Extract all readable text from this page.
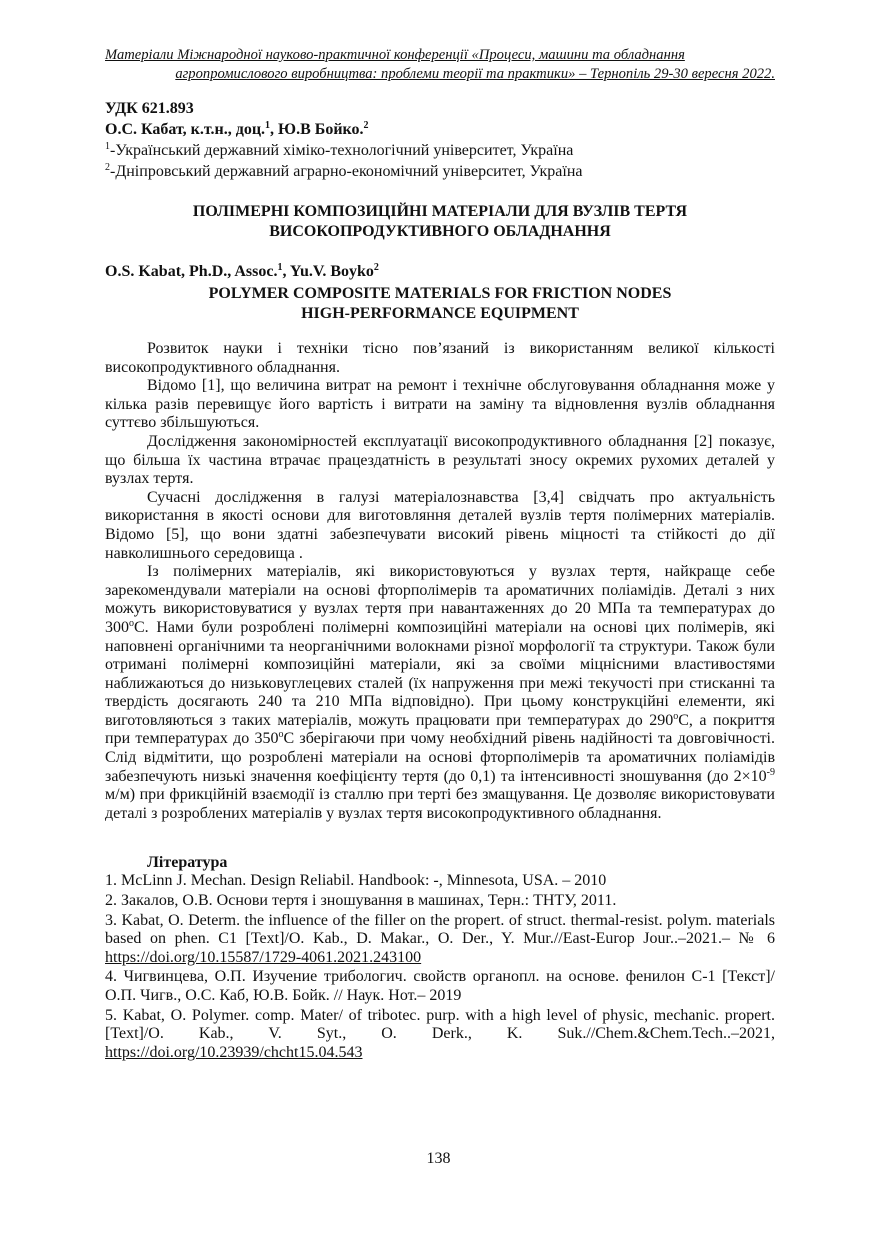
Матеріали Міжнародної науково-практичної конференції «Процеси, машини та обладнання
агропромислового виробництва: проблеми теорії та практики» – Тернопіль 29-30 вересня 2022.
УДК 621.893
О.С. Кабат, к.т.н., доц.$^1$, Ю.В Бойко.$^2$
$^1$-Український державний хіміко-технологічний університет, Україна
$^2$-Дніпровський державний аграрно-економічний університет, Україна
ПОЛІМЕРНІ КОМПОЗИЦІЙНІ МАТЕРІАЛИ ДЛЯ ВУЗЛІВ ТЕРТЯ
ВИСОКОПРОДУКТИВНОГО ОБЛАДНАННЯ
O.S. Kabat, Ph.D., Assoc.$^1$, Yu.V. Boyko$^2$
POLYMER COMPOSITE MATERIALS FOR FRICTION NODES
HIGH-PERFORMANCE EQUIPMENT

Розвиток науки і техніки тісно пов’язаний із використанням великої кількості високопродуктивного обладнання.

Відомо [1], що величина витрат на ремонт і технічне обслуговування обладнання може у кілька разів перевищує його вартість і витрати на заміну та відновлення вузлів обладнання суттєво збільшуються.

Дослідження закономірностей експлуатації високопродуктивного обладнання [2] показує, що більша їх частина втрачає працездатність в результаті зносу окремих рухомих деталей у вузлах тертя.

Сучасні дослідження в галузі матеріалознавства [3,4] свідчать про актуальність використання в якості основи для виготовляння деталей вузлів тертя полімерних матеріалів. Відомо [5], що вони здатні забезпечувати високий рівень міцності та стійкості до дії навколишнього середовища .

Із полімерних матеріалів, які використовуються у вузлах тертя, найкраще себе зарекомендували матеріали на основі фторполімерів та ароматичних поліамідів. Деталі з них можуть використовуватися у вузлах тертя при навантаженнях до 20 МПа та температурах до 300$^o$С. Нами були розроблені полімерні композиційні матеріали на основі цих полімерів, які наповнені органічними та неорганічними волокнами різної морфології та структури. Також були отримані полімерні композиційні матеріали, які за своїми міцнісними властивостями наближаються до низьковуглецевих сталей (їх напруження при межі текучості при стисканні та твердість досягають 240 та 210 МПа відповідно). При цьому конструкційні елементи, які виготовляються з таких матеріалів, можуть працювати при температурах до 290$^o$С, а покриття при температурах до 350$^o$С зберігаючи при чому необхідний рівень надійності та довговічності. Слід відмітити, що розроблені матеріали на основі фторполімерів та ароматичних поліамідів забезпечують низькі значення коефіцієнту тертя (до 0,1) та інтенсивності зношування (до $2\times 10^{-9}$ м/м) при фрикційній взаємодії із сталлю при терті без змащування. Це дозволяє використовувати деталі з розроблених матеріалів у вузлах тертя високопродуктивного обладнання.

Література
1. McLinn J. Mechan. Design Reliabil. Handbook: -, Minnesota, USA. – 2010
2. Закалов, О.В. Основи тертя і зношування в машинах, Терн.: ТНТУ, 2011.
3. Kabat, O. Determ. the influence of the filler on the propert. of struct. thermal-resist. polym. materials based on phen. C1 [Text]/O. Kab., D. Makar., O. Der., Y. Mur.//East-Europ Jour..–2021.– № 6 https://doi.org/10.15587/1729-4061.2021.243100
4. Чигвинцева, О.П. Изучение трибологич. свойств органопл. на основе. фенилон С-1 [Текст]/О.П. Чигв., О.С. Каб, Ю.В. Бойк. // Наук. Нот.– 2019
5. Kabat, O. Polymer. comp. Mater/ of tribotec. purp. with a high level of physic, mechanic. propert. [Text]/O. Kab., V. Syt., O. Derk., K. Suk.//Chem.&Chem.Tech..–2021, https://doi.org/10.23939/chcht15.04.543
138
